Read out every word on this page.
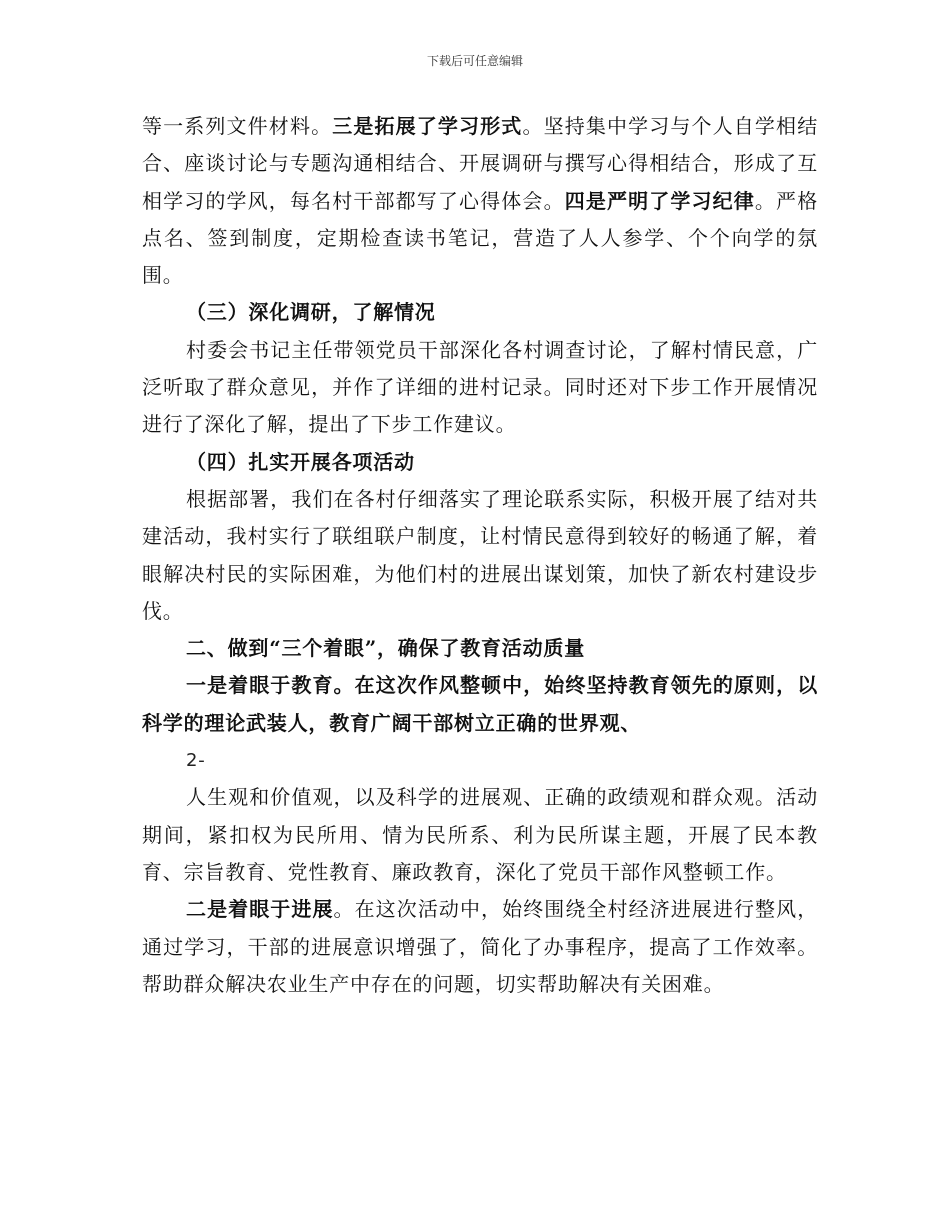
下载后可任意编辑

等一系列文件材料。三是拓展了学习形式。坚持集中学习与个人自学相结合、座谈讨论与专题沟通相结合、开展调研与撰写心得相结合，形成了互相学习的学风，每名村干部都写了心得体会。四是严明了学习纪律。严格点名、签到制度，定期检查读书笔记，营造了人人参学、个个向学的氛围。

（三）深化调研，了解情况

村委会书记主任带领党员干部深化各村调查讨论，了解村情民意，广泛听取了群众意见，并作了详细的进村记录。同时还对下步工作开展情况进行了深化了解，提出了下步工作建议。

（四）扎实开展各项活动

根据部署，我们在各村仔细落实了理论联系实际，积极开展了结对共建活动，我村实行了联组联户制度，让村情民意得到较好的畅通了解，着眼解决村民的实际困难，为他们村的进展出谋划策，加快了新农村建设步伐。

二、做到“三个着眼”，确保了教育活动质量

一是着眼于教育。在这次作风整顿中，始终坚持教育领先的原则，以科学的理论武装人，教育广阔干部树立正确的世界观、

2-

人生观和价值观，以及科学的进展观、正确的政绩观和群众观。活动期间，紧扣权为民所用、情为民所系、利为民所谋主题，开展了民本教育、宗旨教育、党性教育、廉政教育，深化了党员干部作风整顿工作。

二是着眼于进展。在这次活动中，始终围绕全村经济进展进行整风，通过学习，干部的进展意识增强了，简化了办事程序，提高了工作效率。帮助群众解决农业生产中存在的问题，切实帮助解决有关困难。
